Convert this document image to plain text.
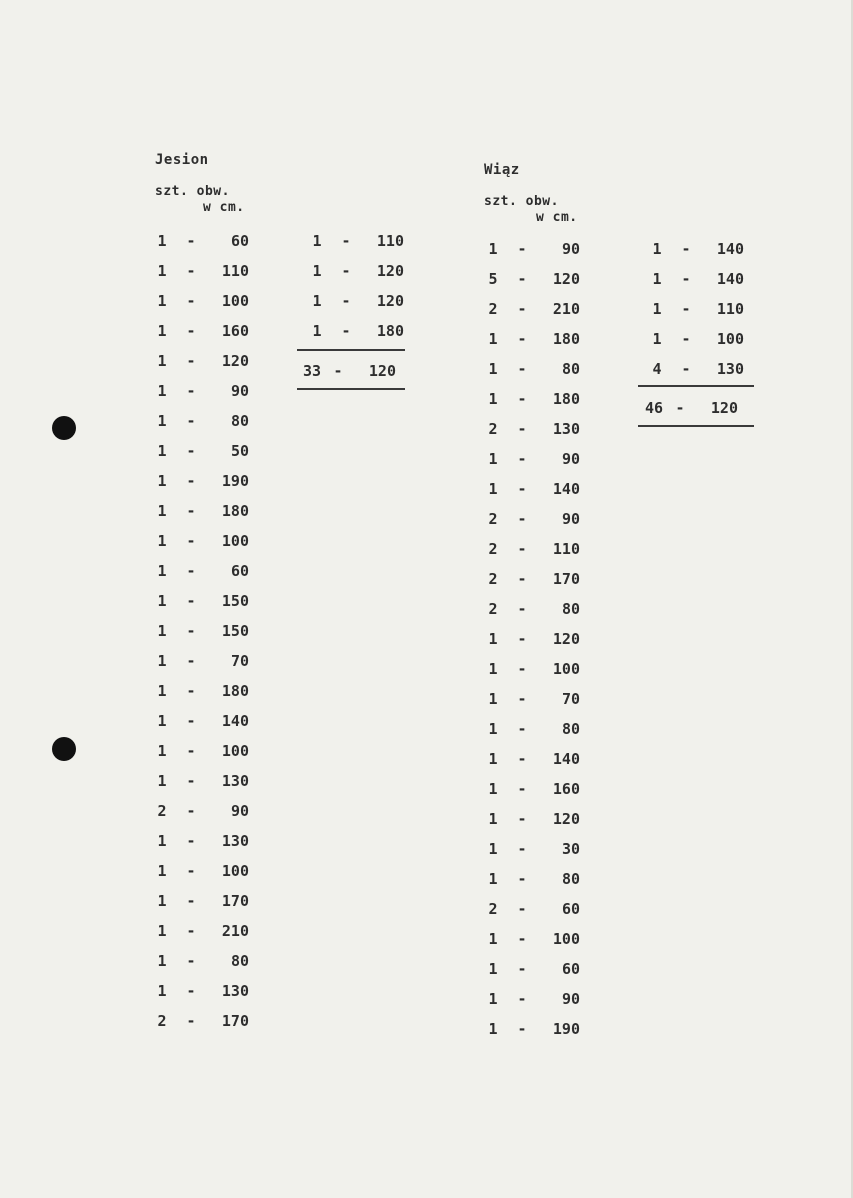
Jesion
szt. obw.
w cm.
1 -	60
1 -	110
1 -	100
1 -	160
1 -	120
1 -	90
1 -	80
1 -	50
1 -	190
1 -	180
1 -	100
1 -	60
1 -	150
1 -	150
1 -	70
1 -	180
1 -	140
1 -	100
1 -	130
2 -	90
1 -	130
1 -	100
1 -	170
1 -	210
1 -	80
1 -	130
2 -	170
1 -	110
1 -	120
1 -	120
1 -	180
33 -	120
Wiąz
szt. obw.
w cm.
1 -	90
5 -	120
2 -	210
1 -	180
1 -	80
1 -	180
2 -	130
1 -	90
1 -	140
2 -	90
2 -	110
2 -	170
2 -	80
1 -	120
1 -	100
1 -	70
1 -	80
1 -	140
1 -	160
1 -	120
1 -	30
1 -	80
2 -	60
1 -	100
1 -	60
1 -	90
1 -	190
1 -	140
1 -	140
1 -	110
1 -	100
4 -	130
46 -	120
